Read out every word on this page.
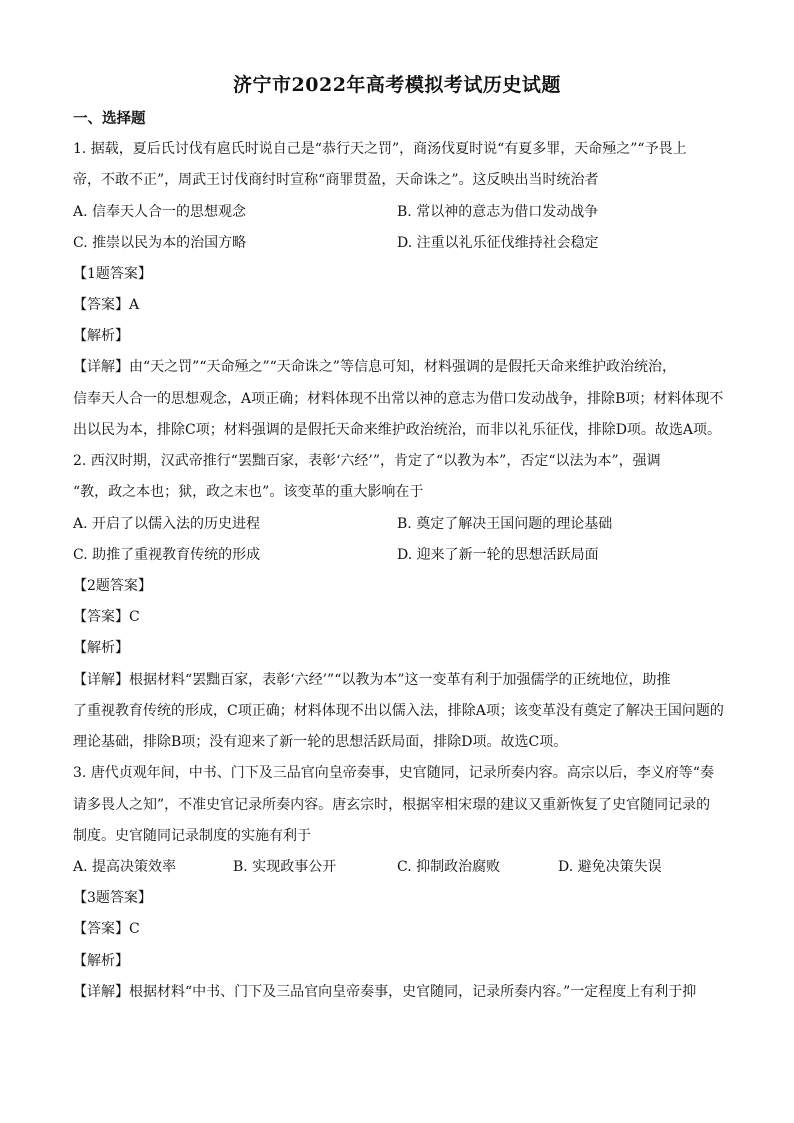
济宁市2022年高考模拟考试历史试题
一、选择题
1. 据载，夏后氏讨伐有扈氏时说自己是“恭行天之罚”，商汤伐夏时说“有夏多罪，天命殛之”“予畏上
帝，不敢不正”，周武王讨伐商纣时宣称“商罪贯盈，天命诛之”。这反映出当时统治者
A. 信奉天人合一的思想观念	B. 常以神的意志为借口发动战争
C. 推崇以民为本的治国方略	D. 注重以礼乐征伐维持社会稳定
【1题答案】
【答案】A
【解析】
【详解】由“天之罚”“天命殛之”“天命诛之”等信息可知，材料强调的是假托天命来维护政治统治，
信奉天人合一的思想观念，A项正确；材料体现不出常以神的意志为借口发动战争，排除B项；材料体现不
出以民为本，排除C项；材料强调的是假托天命来维护政治统治，而非以礼乐征伐，排除D项。故选A项。
2. 西汉时期，汉武帝推行“罢黜百家，表彰‘六经’”，肯定了“以教为本”，否定“以法为本”，强调
“教，政之本也；狱，政之末也”。该变革的重大影响在于
A. 开启了以儒入法的历史进程	B. 奠定了解决王国问题的理论基础
C. 助推了重视教育传统的形成	D. 迎来了新一轮的思想活跃局面
【2题答案】
【答案】C
【解析】
【详解】根据材料“罢黜百家，表彰‘六经’”“以教为本”这一变革有利于加强儒学的正统地位，助推
了重视教育传统的形成，C项正确；材料体现不出以儒入法，排除A项；该变革没有奠定了解决王国问题的
理论基础，排除B项；没有迎来了新一轮的思想活跃局面，排除D项。故选C项。
3. 唐代贞观年间，中书、门下及三品官向皇帝奏事，史官随同，记录所奏内容。高宗以后，李义府等“奏
请多畏人之知”，不准史官记录所奏内容。唐玄宗时，根据宰相宋璟的建议又重新恢复了史官随同记录的
制度。史官随同记录制度的实施有利于
A. 提高决策效率	B. 实现政事公开	C. 抑制政治腐败	D. 避免决策失误
【3题答案】
【答案】C
【解析】
【详解】根据材料“中书、门下及三品官向皇帝奏事，史官随同，记录所奏内容。”一定程度上有利于抑
